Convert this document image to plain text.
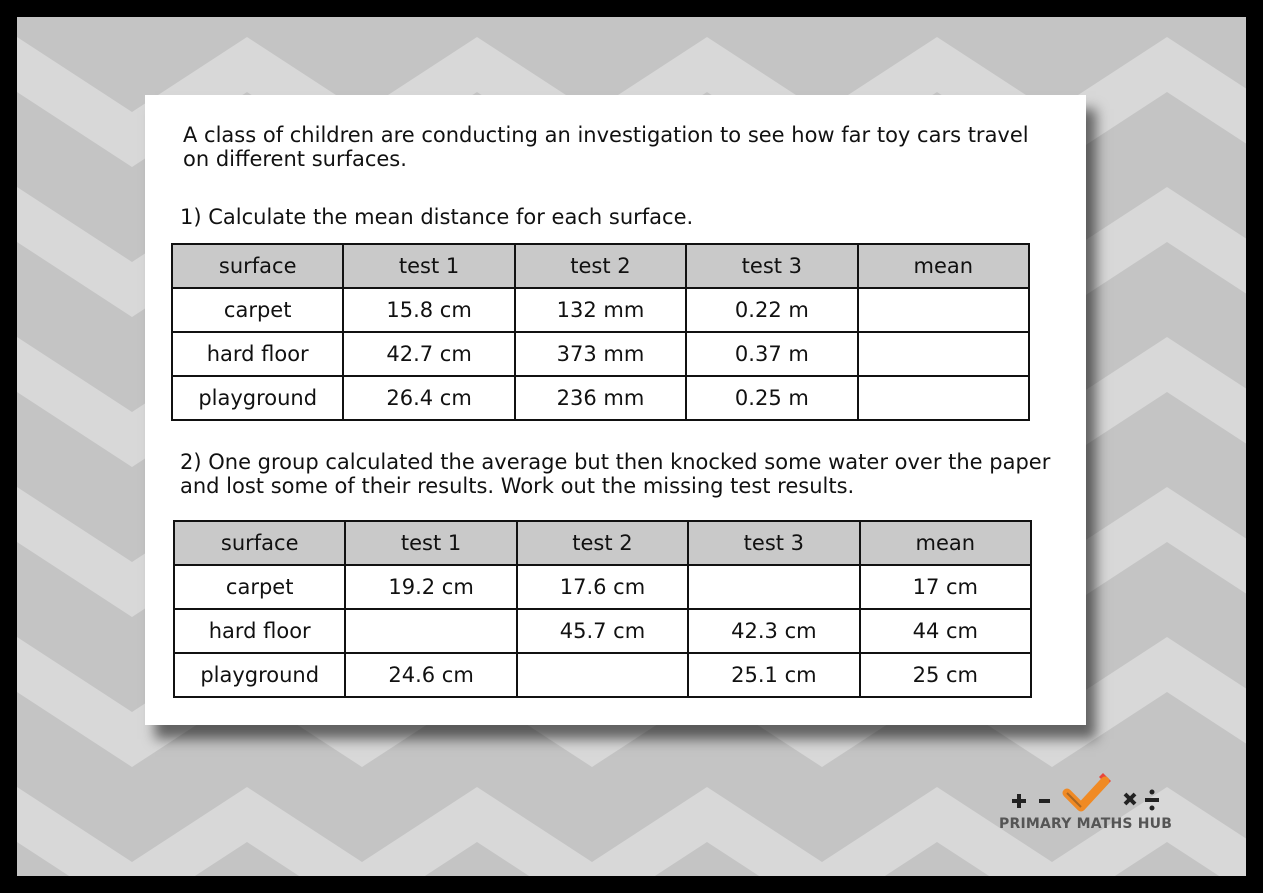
A class of children are conducting an investigation to see how far toy cars travel on different surfaces.
1) Calculate the mean distance for each surface.
surface	test 1	test 2	test 3	mean
carpet	15.8 cm	132 mm	0.22 m	
hard floor	42.7 cm	373 mm	0.37 m	
playground	26.4 cm	236 mm	0.25 m	
2) One group calculated the average but then knocked some water over the paper and lost some of their results. Work out the missing test results.
surface	test 1	test 2	test 3	mean
carpet	19.2 cm	17.6 cm		17 cm
hard floor		45.7 cm	42.3 cm	44 cm
playground	24.6 cm		25.1 cm	25 cm
PRIMARY MATHS HUB
